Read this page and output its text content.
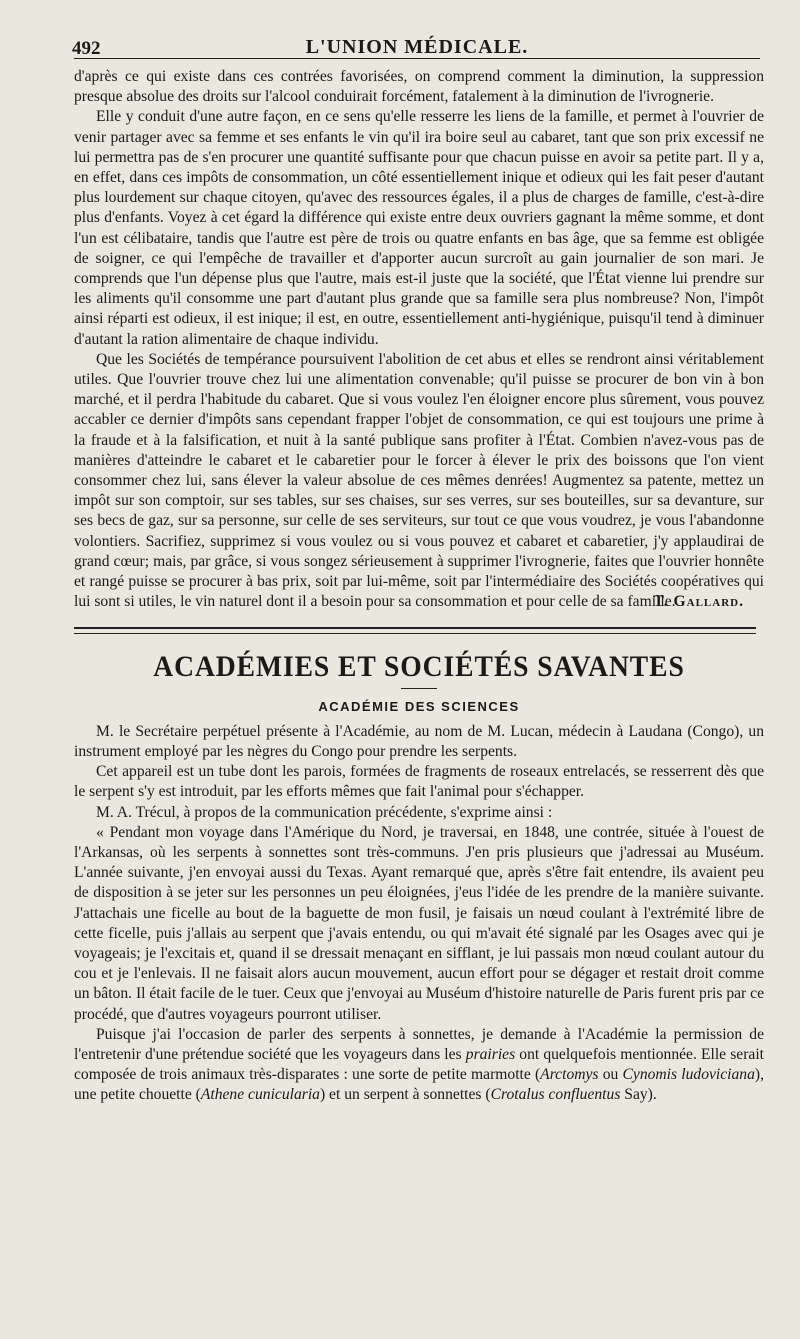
492	L'UNION MÉDICALE.

d'après ce qui existe dans ces contrées favorisées, on comprend comment la diminution, la suppression presque absolue des droits sur l'alcool conduirait forcément, fatalement à la diminution de l'ivrognerie.

Elle y conduit d'une autre façon, en ce sens qu'elle resserre les liens de la famille, et permet à l'ouvrier de venir partager avec sa femme et ses enfants le vin qu'il ira boire seul au cabaret, tant que son prix excessif ne lui permettra pas de s'en procurer une quantité suffisante pour que chacun puisse en avoir sa petite part. Il y a, en effet, dans ces impôts de consommation, un côté essentiellement inique et odieux qui les fait peser d'autant plus lourdement sur chaque citoyen, qu'avec des ressources égales, il a plus de charges de famille, c'est-à-dire plus d'enfants. Voyez à cet égard la différence qui existe entre deux ouvriers gagnant la même somme, et dont l'un est célibataire, tandis que l'autre est père de trois ou quatre enfants en bas âge, que sa femme est obligée de soigner, ce qui l'empêche de travailler et d'apporter aucun surcroît au gain journalier de son mari. Je comprends que l'un dépense plus que l'autre, mais est-il juste que la société, que l'État vienne lui prendre sur les aliments qu'il consomme une part d'autant plus grande que sa famille sera plus nombreuse? Non, l'impôt ainsi réparti est odieux, il est inique; il est, en outre, essentiellement anti-hygiénique, puisqu'il tend à diminuer d'autant la ration alimentaire de chaque individu.

Que les Sociétés de tempérance poursuivent l'abolition de cet abus et elles se rendront ainsi véritablement utiles. Que l'ouvrier trouve chez lui une alimentation convenable; qu'il puisse se procurer de bon vin à bon marché, et il perdra l'habitude du cabaret. Que si vous voulez l'en éloigner encore plus sûrement, vous pouvez accabler ce dernier d'impôts sans cependant frapper l'objet de consommation, ce qui est toujours une prime à la fraude et à la falsification, et nuit à la santé publique sans profiter à l'État. Combien n'avez-vous pas de manières d'atteindre le cabaret et le cabaretier pour le forcer à élever le prix des boissons que l'on vient consommer chez lui, sans élever la valeur absolue de ces mêmes denrées! Augmentez sa patente, mettez un impôt sur son comptoir, sur ses tables, sur ses chaises, sur ses verres, sur ses bouteilles, sur sa devanture, sur ses becs de gaz, sur sa personne, sur celle de ses serviteurs, sur tout ce que vous voudrez, je vous l'abandonne volontiers. Sacrifiez, supprimez si vous voulez ou si vous pouvez et cabaret et cabaretier, j'y applaudirai de grand cœur; mais, par grâce, si vous songez sérieusement à supprimer l'ivrognerie, faites que l'ouvrier honnête et rangé puisse se procurer à bas prix, soit par lui-même, soit par l'intermédiaire des Sociétés coopératives qui lui sont si utiles, le vin naturel dont il a besoin pour sa consommation et pour celle de sa famille.

T. Gallard.
ACADÉMIES ET SOCIÉTÉS SAVANTES
ACADÉMIE DES SCIENCES

M. le Secrétaire perpétuel présente à l'Académie, au nom de M. Lucan, médecin à Laudana (Congo), un instrument employé par les nègres du Congo pour prendre les serpents.

Cet appareil est un tube dont les parois, formées de fragments de roseaux entrelacés, se resserrent dès que le serpent s'y est introduit, par les efforts mêmes que fait l'animal pour s'échapper.

M. A. Trécul, à propos de la communication précédente, s'exprime ainsi :

« Pendant mon voyage dans l'Amérique du Nord, je traversai, en 1848, une contrée, située à l'ouest de l'Arkansas, où les serpents à sonnettes sont très-communs. J'en pris plusieurs que j'adressai au Muséum. L'année suivante, j'en envoyai aussi du Texas. Ayant remarqué que, après s'être fait entendre, ils avaient peu de disposition à se jeter sur les personnes un peu éloignées, j'eus l'idée de les prendre de la manière suivante. J'attachais une ficelle au bout de la baguette de mon fusil, je faisais un nœud coulant à l'extrémité libre de cette ficelle, puis j'allais au serpent que j'avais entendu, ou qui m'avait été signalé par les Osages avec qui je voyageais; je l'excitais et, quand il se dressait menaçant en sifflant, je lui passais mon nœud coulant autour du cou et je l'enlevais. Il ne faisait alors aucun mouvement, aucun effort pour se dégager et restait droit comme un bâton. Il était facile de le tuer. Ceux que j'envoyai au Muséum d'histoire naturelle de Paris furent pris par ce procédé, que d'autres voyageurs pourront utiliser.

Puisque j'ai l'occasion de parler des serpents à sonnettes, je demande à l'Académie la permission de l'entretenir d'une prétendue société que les voyageurs dans les prairies ont quelquefois mentionnée. Elle serait composée de trois animaux très-disparates : une sorte de petite marmotte (Arctomys ou Cynomis ludoviciana), une petite chouette (Athene cunicularia) et un serpent à sonnettes (Crotalus confluentus Say).
